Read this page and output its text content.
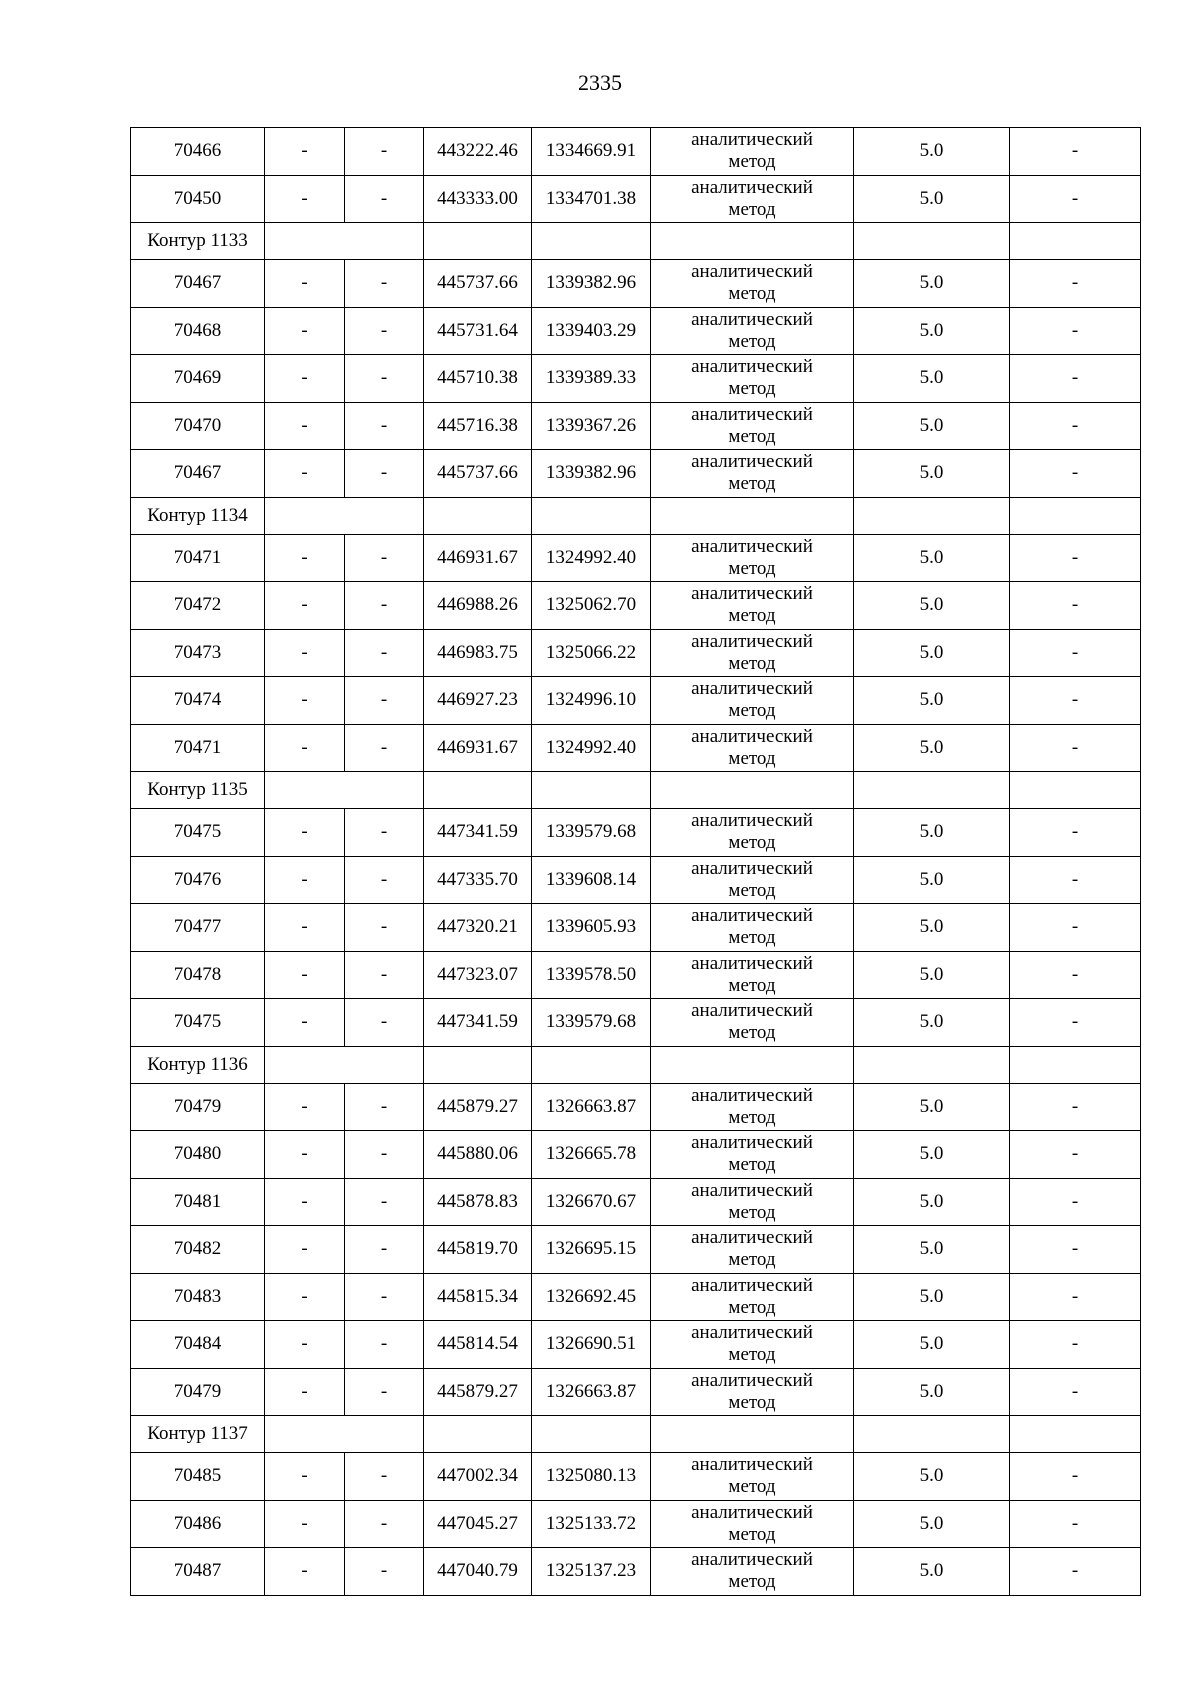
2335
70466	-	-	443222.46	1334669.91	аналитический
метод	5.0	-
70450	-	-	443333.00	1334701.38	аналитический
метод	5.0	-
Контур 1133							
70467	-	-	445737.66	1339382.96	аналитический
метод	5.0	-
70468	-	-	445731.64	1339403.29	аналитический
метод	5.0	-
70469	-	-	445710.38	1339389.33	аналитический
метод	5.0	-
70470	-	-	445716.38	1339367.26	аналитический
метод	5.0	-
70467	-	-	445737.66	1339382.96	аналитический
метод	5.0	-
Контур 1134							
70471	-	-	446931.67	1324992.40	аналитический
метод	5.0	-
70472	-	-	446988.26	1325062.70	аналитический
метод	5.0	-
70473	-	-	446983.75	1325066.22	аналитический
метод	5.0	-
70474	-	-	446927.23	1324996.10	аналитический
метод	5.0	-
70471	-	-	446931.67	1324992.40	аналитический
метод	5.0	-
Контур 1135							
70475	-	-	447341.59	1339579.68	аналитический
метод	5.0	-
70476	-	-	447335.70	1339608.14	аналитический
метод	5.0	-
70477	-	-	447320.21	1339605.93	аналитический
метод	5.0	-
70478	-	-	447323.07	1339578.50	аналитический
метод	5.0	-
70475	-	-	447341.59	1339579.68	аналитический
метод	5.0	-
Контур 1136							
70479	-	-	445879.27	1326663.87	аналитический
метод	5.0	-
70480	-	-	445880.06	1326665.78	аналитический
метод	5.0	-
70481	-	-	445878.83	1326670.67	аналитический
метод	5.0	-
70482	-	-	445819.70	1326695.15	аналитический
метод	5.0	-
70483	-	-	445815.34	1326692.45	аналитический
метод	5.0	-
70484	-	-	445814.54	1326690.51	аналитический
метод	5.0	-
70479	-	-	445879.27	1326663.87	аналитический
метод	5.0	-
Контур 1137							
70485	-	-	447002.34	1325080.13	аналитический
метод	5.0	-
70486	-	-	447045.27	1325133.72	аналитический
метод	5.0	-
70487	-	-	447040.79	1325137.23	аналитический
метод	5.0	-
